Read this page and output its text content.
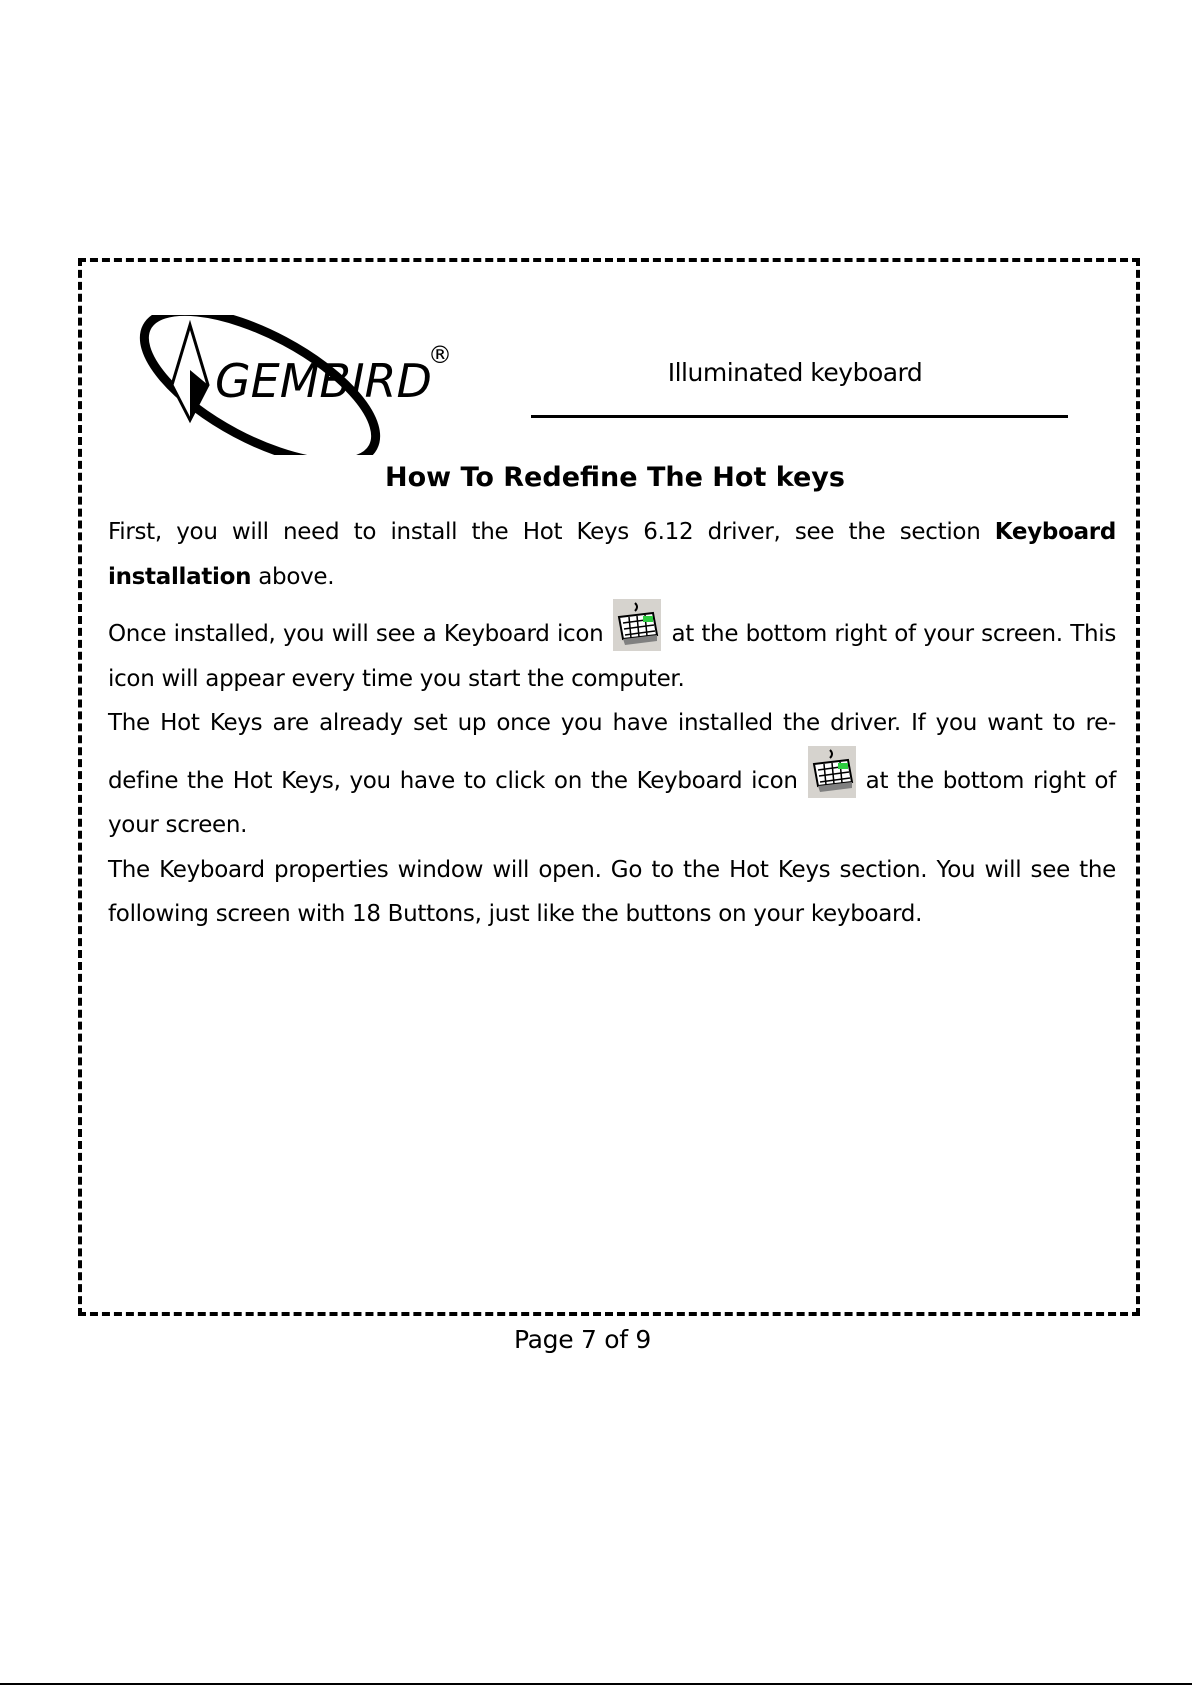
GEMBIRD
®
Illuminated keyboard
How To Redefine The Hot keys

First, you will need to install the Hot Keys 6.12 driver, see the section Keyboard installation above.

Once installed, you will see a Keyboard icon	at the bottom right of your screen. This icon will appear every time you start the computer.

The Hot Keys are already set up once you have installed the driver. If you want to re-define the Hot Keys, you have to click on the Keyboard icon	at the bottom right of your screen.

The Keyboard properties window will open. Go to the Hot Keys section. You will see the following screen with 18 Buttons, just like the buttons on your keyboard.

Page 7 of 9
